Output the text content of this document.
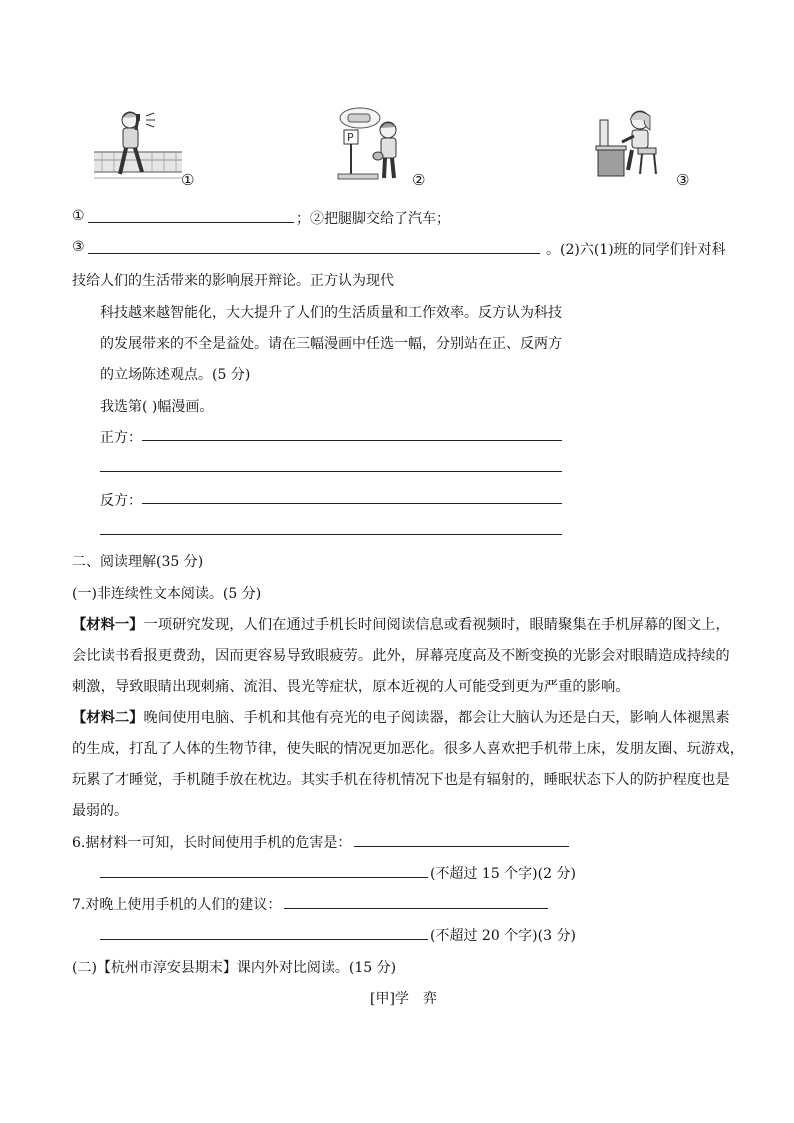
①
P
②	③
①	；②把腿脚交给了汽车；
③	。(2)六(1)班的同学们针对科
技给人们的生活带来的影响展开辩论。正方认为现代
科技越来越智能化，大大提升了人们的生活质量和工作效率。反方认为科技
的发展带来的不全是益处。请在三幅漫画中任选一幅，分别站在正、反两方
的立场陈述观点。(5 分)
我选第( )幅漫画。
正方：
反方：
二、阅读理解(35 分)
(一)非连续性文本阅读。(5 分)
【材料一】一项研究发现，人们在通过手机长时间阅读信息或看视频时，眼睛聚集在手机屏幕的图文上，
会比读书看报更费劲，因而更容易导致眼疲劳。此外，屏幕亮度高及不断变换的光影会对眼睛造成持续的
刺激，导致眼睛出现刺痛、流泪、畏光等症状，原本近视的人可能受到更为严重的影响。
【材料二】晚间使用电脑、手机和其他有亮光的电子阅读器，都会让大脑认为还是白天，影响人体褪黑素
的生成，打乱了人体的生物节律，使失眠的情况更加恶化。很多人喜欢把手机带上床，发朋友圈、玩游戏，
玩累了才睡觉，手机随手放在枕边。其实手机在待机情况下也是有辐射的，睡眠状态下人的防护程度也是
最弱的。
6.据材料一可知，长时间使用手机的危害是：
(不超过 15 个字)(2 分)
7.对晚上使用手机的人们的建议：
(不超过 20 个字)(3 分)
(二)【杭州市淳安县期末】课内外对比阅读。(15 分)
[甲]学　弈
